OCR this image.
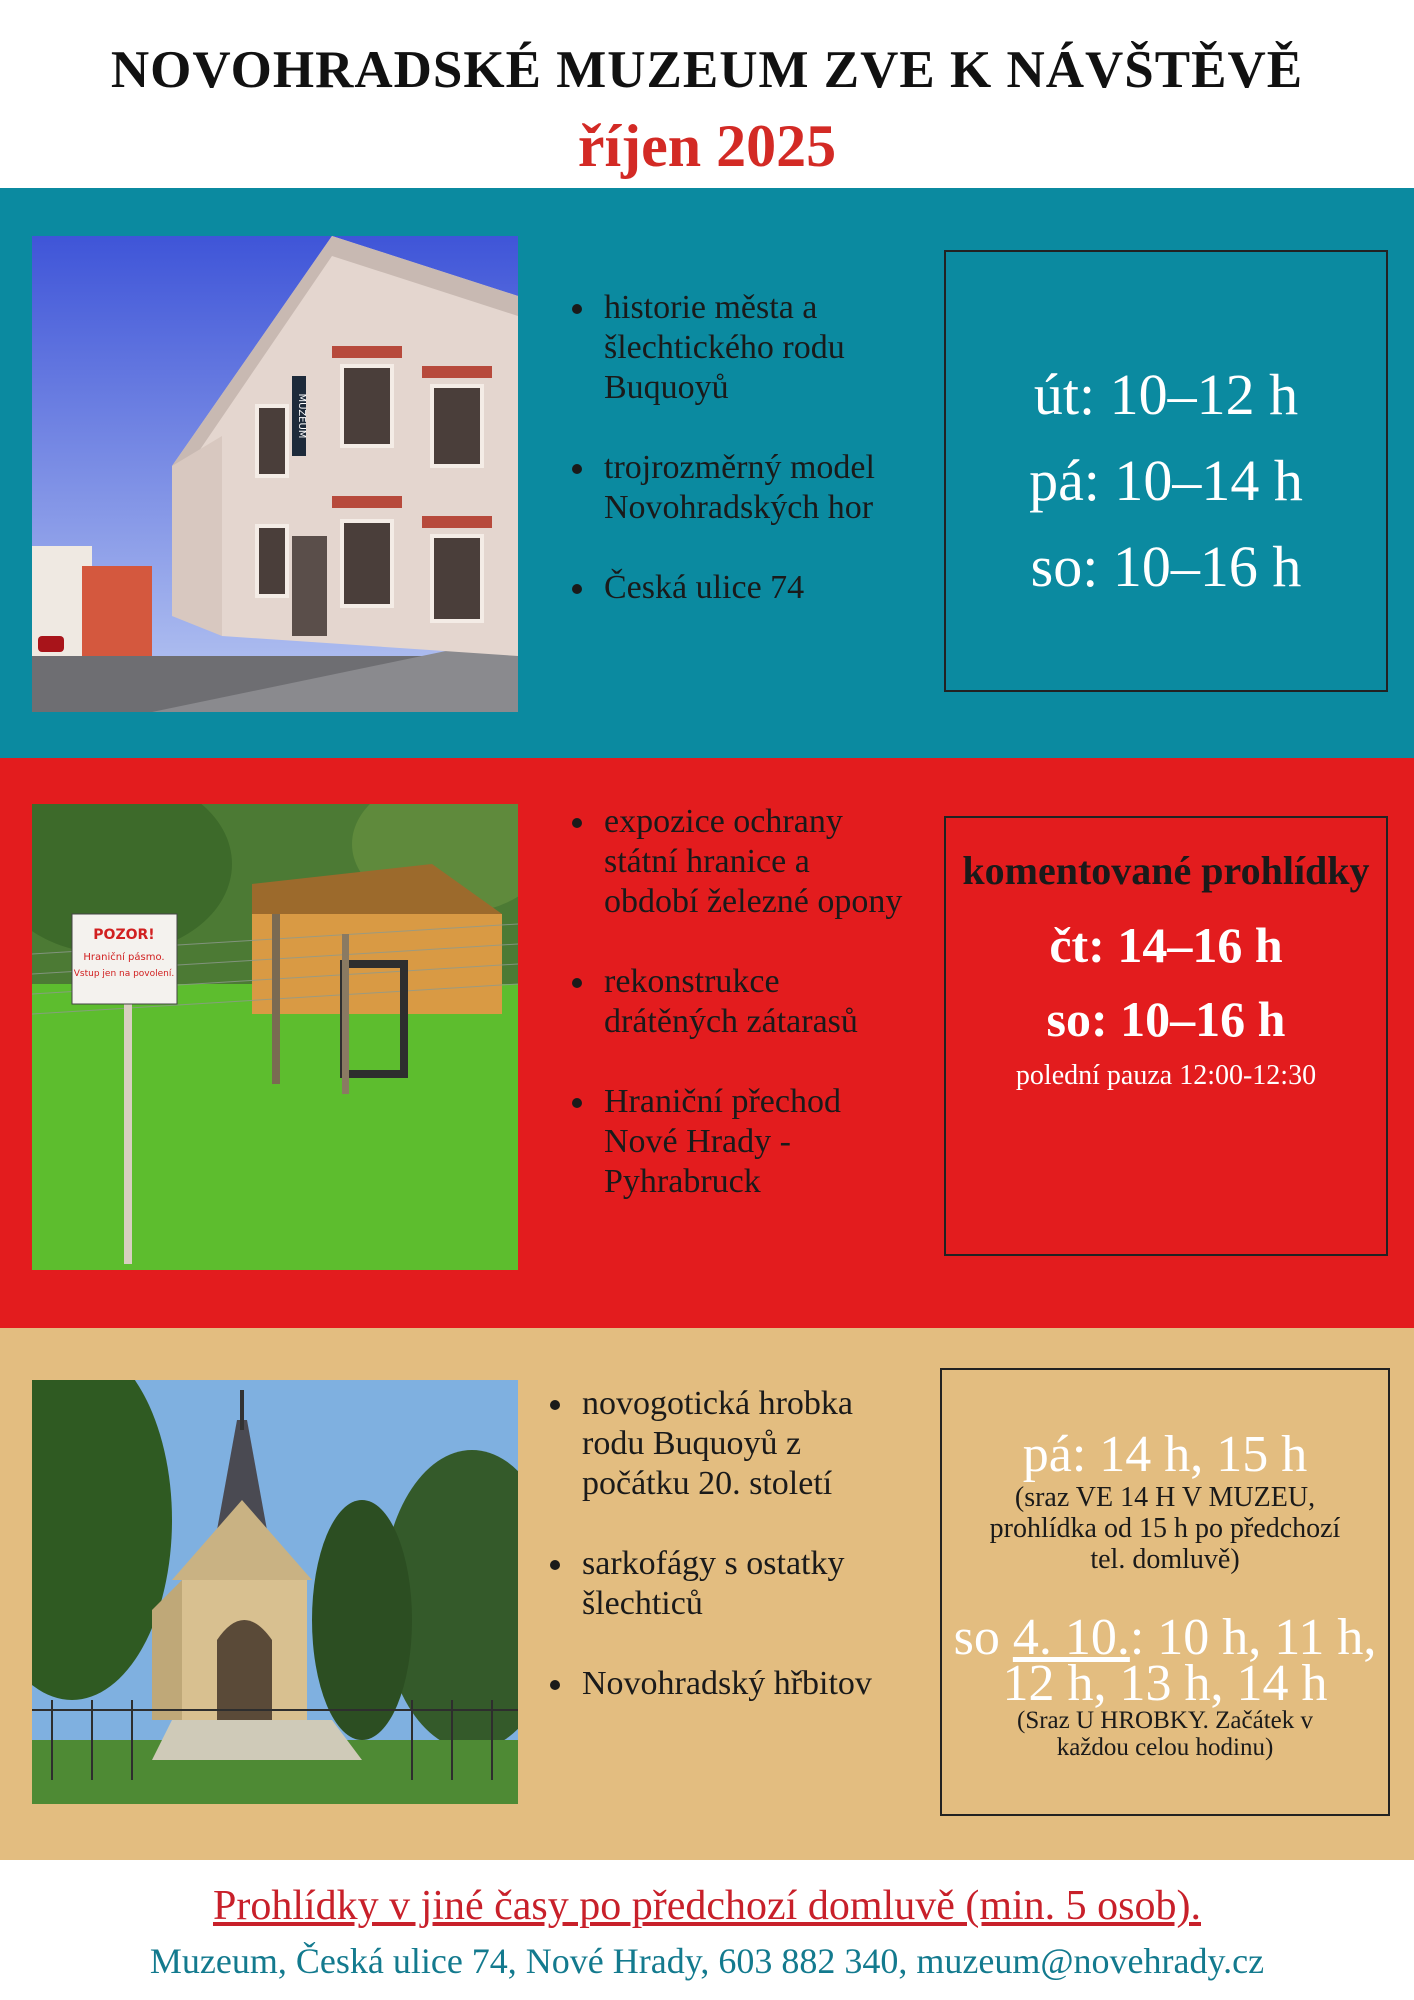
NOVOHRADSKÉ MUZEUM ZVE K NÁVŠTĚVĚ
říjen 2025
MUZEUM
historie města a šlechtického rodu Buquoyů
trojrozměrný model Novohradských hor
Česká ulice 74
út: 10–12 h
pá: 10–14 h
so: 10–16 h
POZOR!
Hraniční pásmo.
Vstup jen na povolení.
expozice ochrany státní hranice a období železné opony
rekonstrukce drátěných zátarasů
Hraniční přechod Nové Hrady - Pyhrabruck
komentované prohlídky
čt: 14–16 h
so: 10–16 h
polední pauza 12:00-12:30
novogotická hrobka rodu Buquoyů z počátku 20. století
sarkofágy s ostatky šlechticů
Novohradský hřbitov
pá: 14 h, 15 h
(sraz VE 14 H V MUZEU, prohlídka od 15 h po předchozí tel. domluvě)
so 4. 10.: 10 h, 11 h,
12 h, 13 h, 14 h
(Sraz U HROBKY. Začátek v každou celou hodinu)
Prohlídky v jiné časy po předchozí domluvě (min. 5 osob).
Muzeum, Česká ulice 74, Nové Hrady, 603 882 340, muzeum@novehrady.cz
